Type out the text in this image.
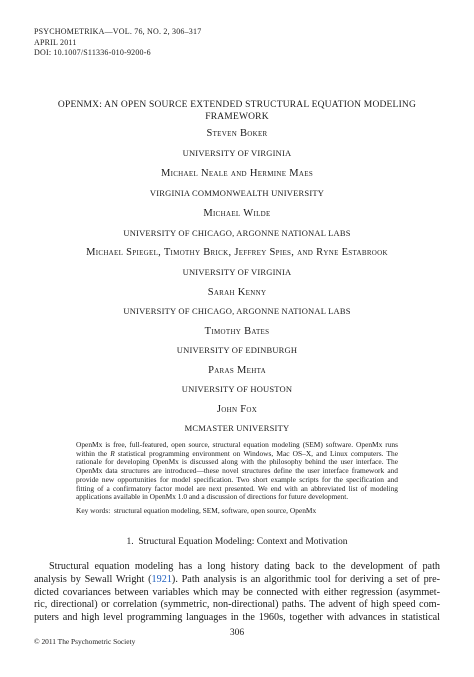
PSYCHOMETRIKA—VOL. 76, NO. 2, 306–317
APRIL 2011
DOI: 10.1007/S11336-010-9200-6
OPENMX: AN OPEN SOURCE EXTENDED STRUCTURAL EQUATION MODELING
FRAMEWORK
Steven Boker
UNIVERSITY OF VIRGINIA
Michael Neale and Hermine Maes
VIRGINIA COMMONWEALTH UNIVERSITY
Michael Wilde
UNIVERSITY OF CHICAGO, ARGONNE NATIONAL LABS
Michael Spiegel, Timothy Brick, Jeffrey Spies, and Ryne Estabrook
UNIVERSITY OF VIRGINIA
Sarah Kenny
UNIVERSITY OF CHICAGO, ARGONNE NATIONAL LABS
Timothy Bates
UNIVERSITY OF EDINBURGH
Paras Mehta
UNIVERSITY OF HOUSTON
John Fox
MCMASTER UNIVERSITY
OpenMx is free, full-featured, open source, structural equation modeling (SEM) software. OpenMx runs within the R statistical programming environment on Windows, Mac OS–X, and Linux computers. The rationale for developing OpenMx is discussed along with the philosophy behind the user interface. The OpenMx data structures are introduced—these novel structures define the user interface framework and provide new opportunities for model specification. Two short example scripts for the specification and fitting of a confirmatory factor model are next presented. We end with an abbreviated list of modeling applications available in OpenMx 1.0 and a discussion of directions for future development.
Key words: structural equation modeling, SEM, software, open source, OpenMx
1. Structural Equation Modeling: Context and Motivation
Structural equation modeling has a long history dating back to the development of path
analysis by Sewall Wright (1921). Path analysis is an algorithmic tool for deriving a set of pre-
dicted covariances between variables which may be connected with either regression (asymmet-
ric, directional) or correlation (symmetric, non-directional) paths. The advent of high speed com-
puters and high level programming languages in the 1960s, together with advances in statistical
306
© 2011 The Psychometric Society
